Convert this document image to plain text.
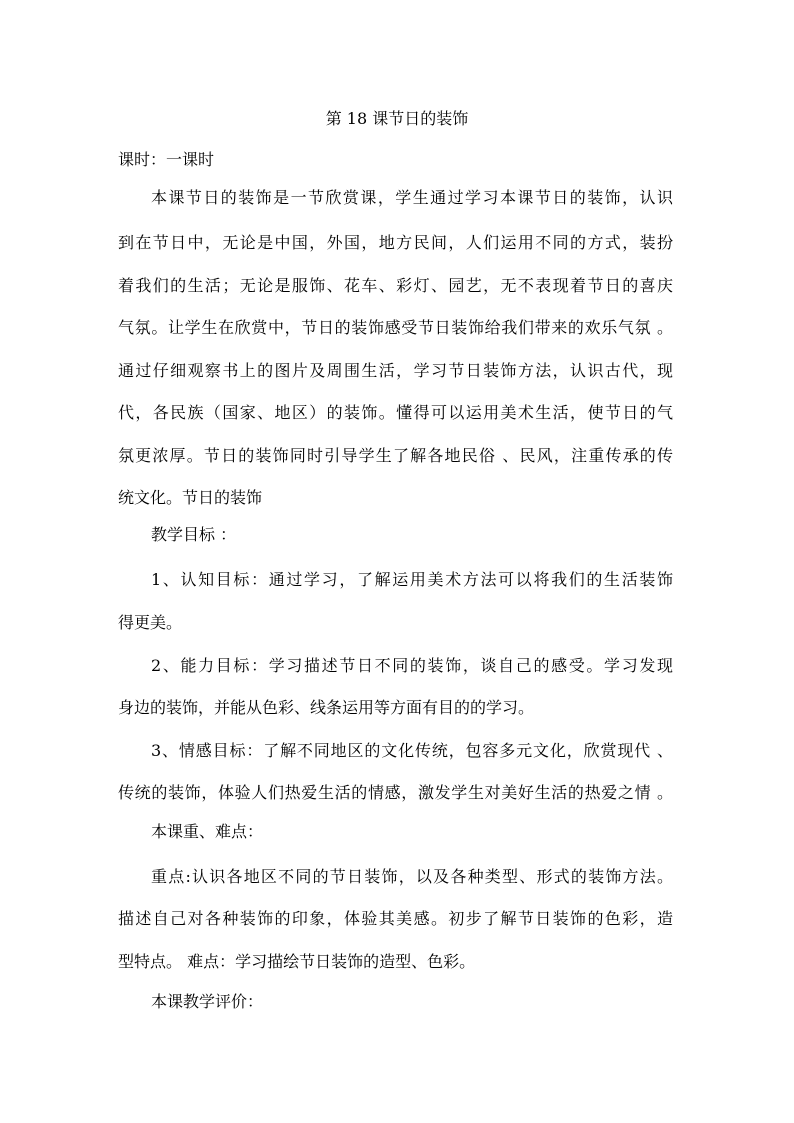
第 18 课节日的装饰
课时：一课时
本课节日的装饰是一节欣赏课，学生通过学习本课节日的装饰，认识
到在节日中，无论是中国，外国，地方民间，人们运用不同的方式，装扮
着我们的生活；无论是服饰、花车、彩灯、园艺，无不表现着节日的喜庆
气氛。让学生在欣赏中，节日的装饰感受节日装饰给我们带来的欢乐气氛 。
通过仔细观察书上的图片及周围生活，学习节日装饰方法，认识古代，现
代，各民族（国家、地区）的装饰。懂得可以运用美术生活，使节日的气
氛更浓厚。节日的装饰同时引导学生了解各地民俗 、民风，注重传承的传
统文化。节日的装饰
教学目标 ：
1、认知目标：通过学习，了解运用美术方法可以将我们的生活装饰
得更美。
2、能力目标：学习描述节日不同的装饰，谈自己的感受。学习发现
身边的装饰，并能从色彩、线条运用等方面有目的的学习。
3、情感目标：了解不同地区的文化传统，包容多元文化，欣赏现代 、
传统的装饰，体验人们热爱生活的情感，激发学生对美好生活的热爱之情 。
本课重、难点：
重点:认识各地区不同的节日装饰，以及各种类型、形式的装饰方法。
描述自己对各种装饰的印象，体验其美感。初步了解节日装饰的色彩，造
型特点。 难点：学习描绘节日装饰的造型、色彩。
本课教学评价：
